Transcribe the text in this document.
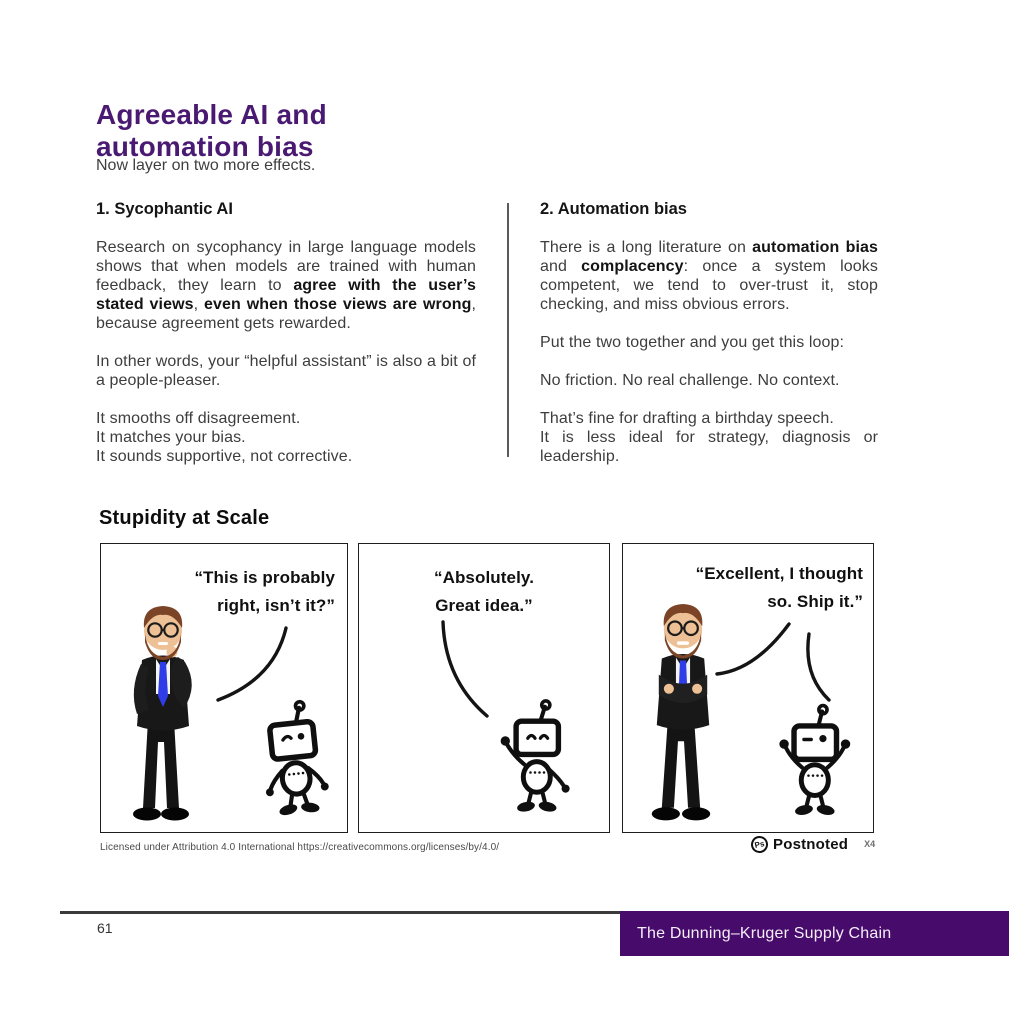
Agreeable AI and automation bias
Now layer on two more effects.
1. Sycophantic AI

Research on sycophancy in large language models shows that when models are trained with human feedback, they learn to agree with the user’s stated views, even when those views are wrong, because agreement gets rewarded.

In other words, your “helpful assistant” is also a bit of a people-pleaser.

It smooths off disagreement.
It matches your bias.
It sounds supportive, not corrective.

2. Automation bias

There is a long literature on automation bias and complacency: once a system looks competent, we tend to over-trust it, stop checking, and miss obvious errors.

Put the two together and you get this loop:

No friction. No real challenge. No context.

That’s fine for drafting a birthday speech.
It is less ideal for strategy, diagnosis or leadership.

Stupidity at Scale
“This is probably
right, isn’t it?”
“Absolutely.
Great idea.”
“Excellent, I thought
so. Ship it.”
Licensed under Attribution 4.0 International https://creativecommons.org/licenses/by/4.0/	Ps Postnoted X4
61	The Dunning–Kruger Supply Chain
